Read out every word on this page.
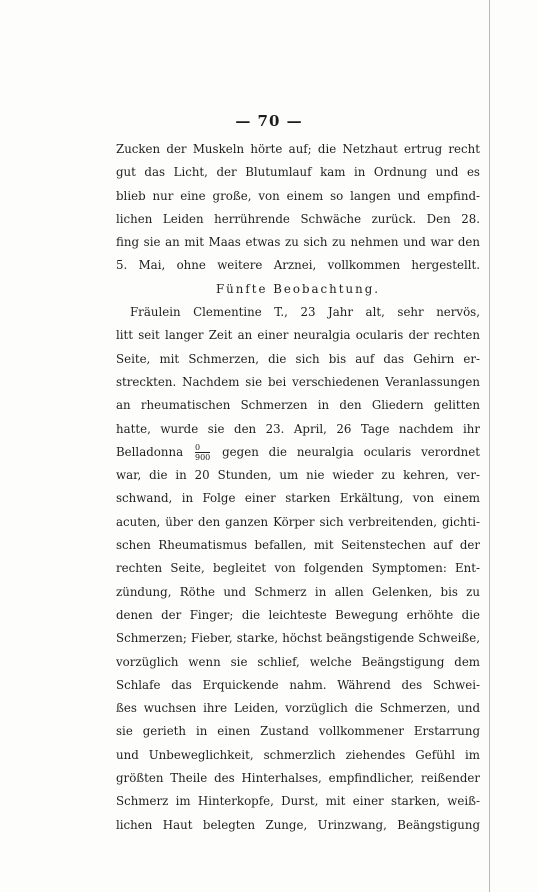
— 70 —
Zucken der Muskeln hörte auf; die Netzhaut ertrug recht
gut das Licht, der Blutumlauf kam in Ordnung und es
blieb nur eine große, von einem so langen und empfind-
lichen Leiden herrührende Schwäche zurück. Den 28.
fing sie an mit Maas etwas zu sich zu nehmen und war den
5. Mai, ohne weitere Arznei, vollkommen hergestellt.
Fünfte Beobachtung.
Fräulein Clementine T., 23 Jahr alt, sehr nervös,
litt seit langer Zeit an einer neuralgia ocularis der rechten
Seite, mit Schmerzen, die sich bis auf das Gehirn er-
streckten. Nachdem sie bei verschiedenen Veranlassungen
an rheumatischen Schmerzen in den Gliedern gelitten
hatte, wurde sie den 23. April, 26 Tage nachdem ihr
Belladonna $\frac{0}{900}$ gegen die neuralgia ocularis verordnet
war, die in 20 Stunden, um nie wieder zu kehren, ver-
schwand, in Folge einer starken Erkältung, von einem
acuten, über den ganzen Körper sich verbreitenden, gichti-
schen Rheumatismus befallen, mit Seitenstechen auf der
rechten Seite, begleitet von folgenden Symptomen: Ent-
zündung, Röthe und Schmerz in allen Gelenken, bis zu
denen der Finger; die leichteste Bewegung erhöhte die
Schmerzen; Fieber, starke, höchst beängstigende Schweiße,
vorzüglich wenn sie schlief, welche Beängstigung dem
Schlafe das Erquickende nahm. Während des Schwei-
ßes wuchsen ihre Leiden, vorzüglich die Schmerzen, und
sie gerieth in einen Zustand vollkommener Erstarrung
und Unbeweglichkeit, schmerzlich ziehendes Gefühl im
größten Theile des Hinterhalses, empfindlicher, reißender
Schmerz im Hinterkopfe, Durst, mit einer starken, weiß-
lichen Haut belegten Zunge, Urinzwang, Beängstigung
